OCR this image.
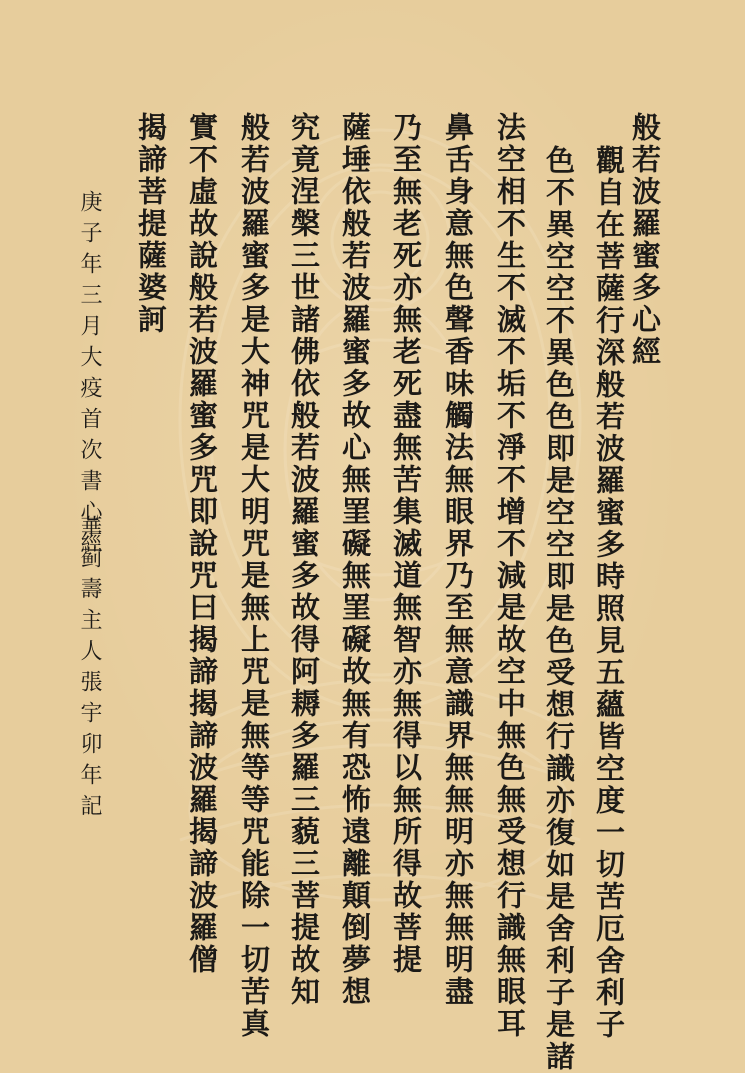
般若波羅蜜多心經
觀自在菩薩行深般若波羅蜜多時照見五蘊皆空度一切苦厄舍利子
色不異空空不異色色即是空空即是色受想行識亦復如是舍利子是諸
法空相不生不滅不垢不淨不增不減是故空中無色無受想行識無眼耳
鼻舌身意無色聲香味觸法無眼界乃至無意識界無無明亦無無明盡
乃至無老死亦無老死盡無苦集滅道無智亦無得以無所得故菩提
薩埵依般若波羅蜜多故心無罣礙無罣礙故無有恐怖遠離顛倒夢想
究竟涅槃三世諸佛依般若波羅蜜多故得阿耨多羅三藐三菩提故知
般若波羅蜜多是大神咒是大明咒是無上咒是無等等咒能除一切苦真
實不虛故說般若波羅蜜多咒即說咒曰揭諦揭諦波羅揭諦波羅僧
揭諦菩提薩婆訶
庚子年三月大疫首次書心經
華蓟壽主人張宇卯年記
